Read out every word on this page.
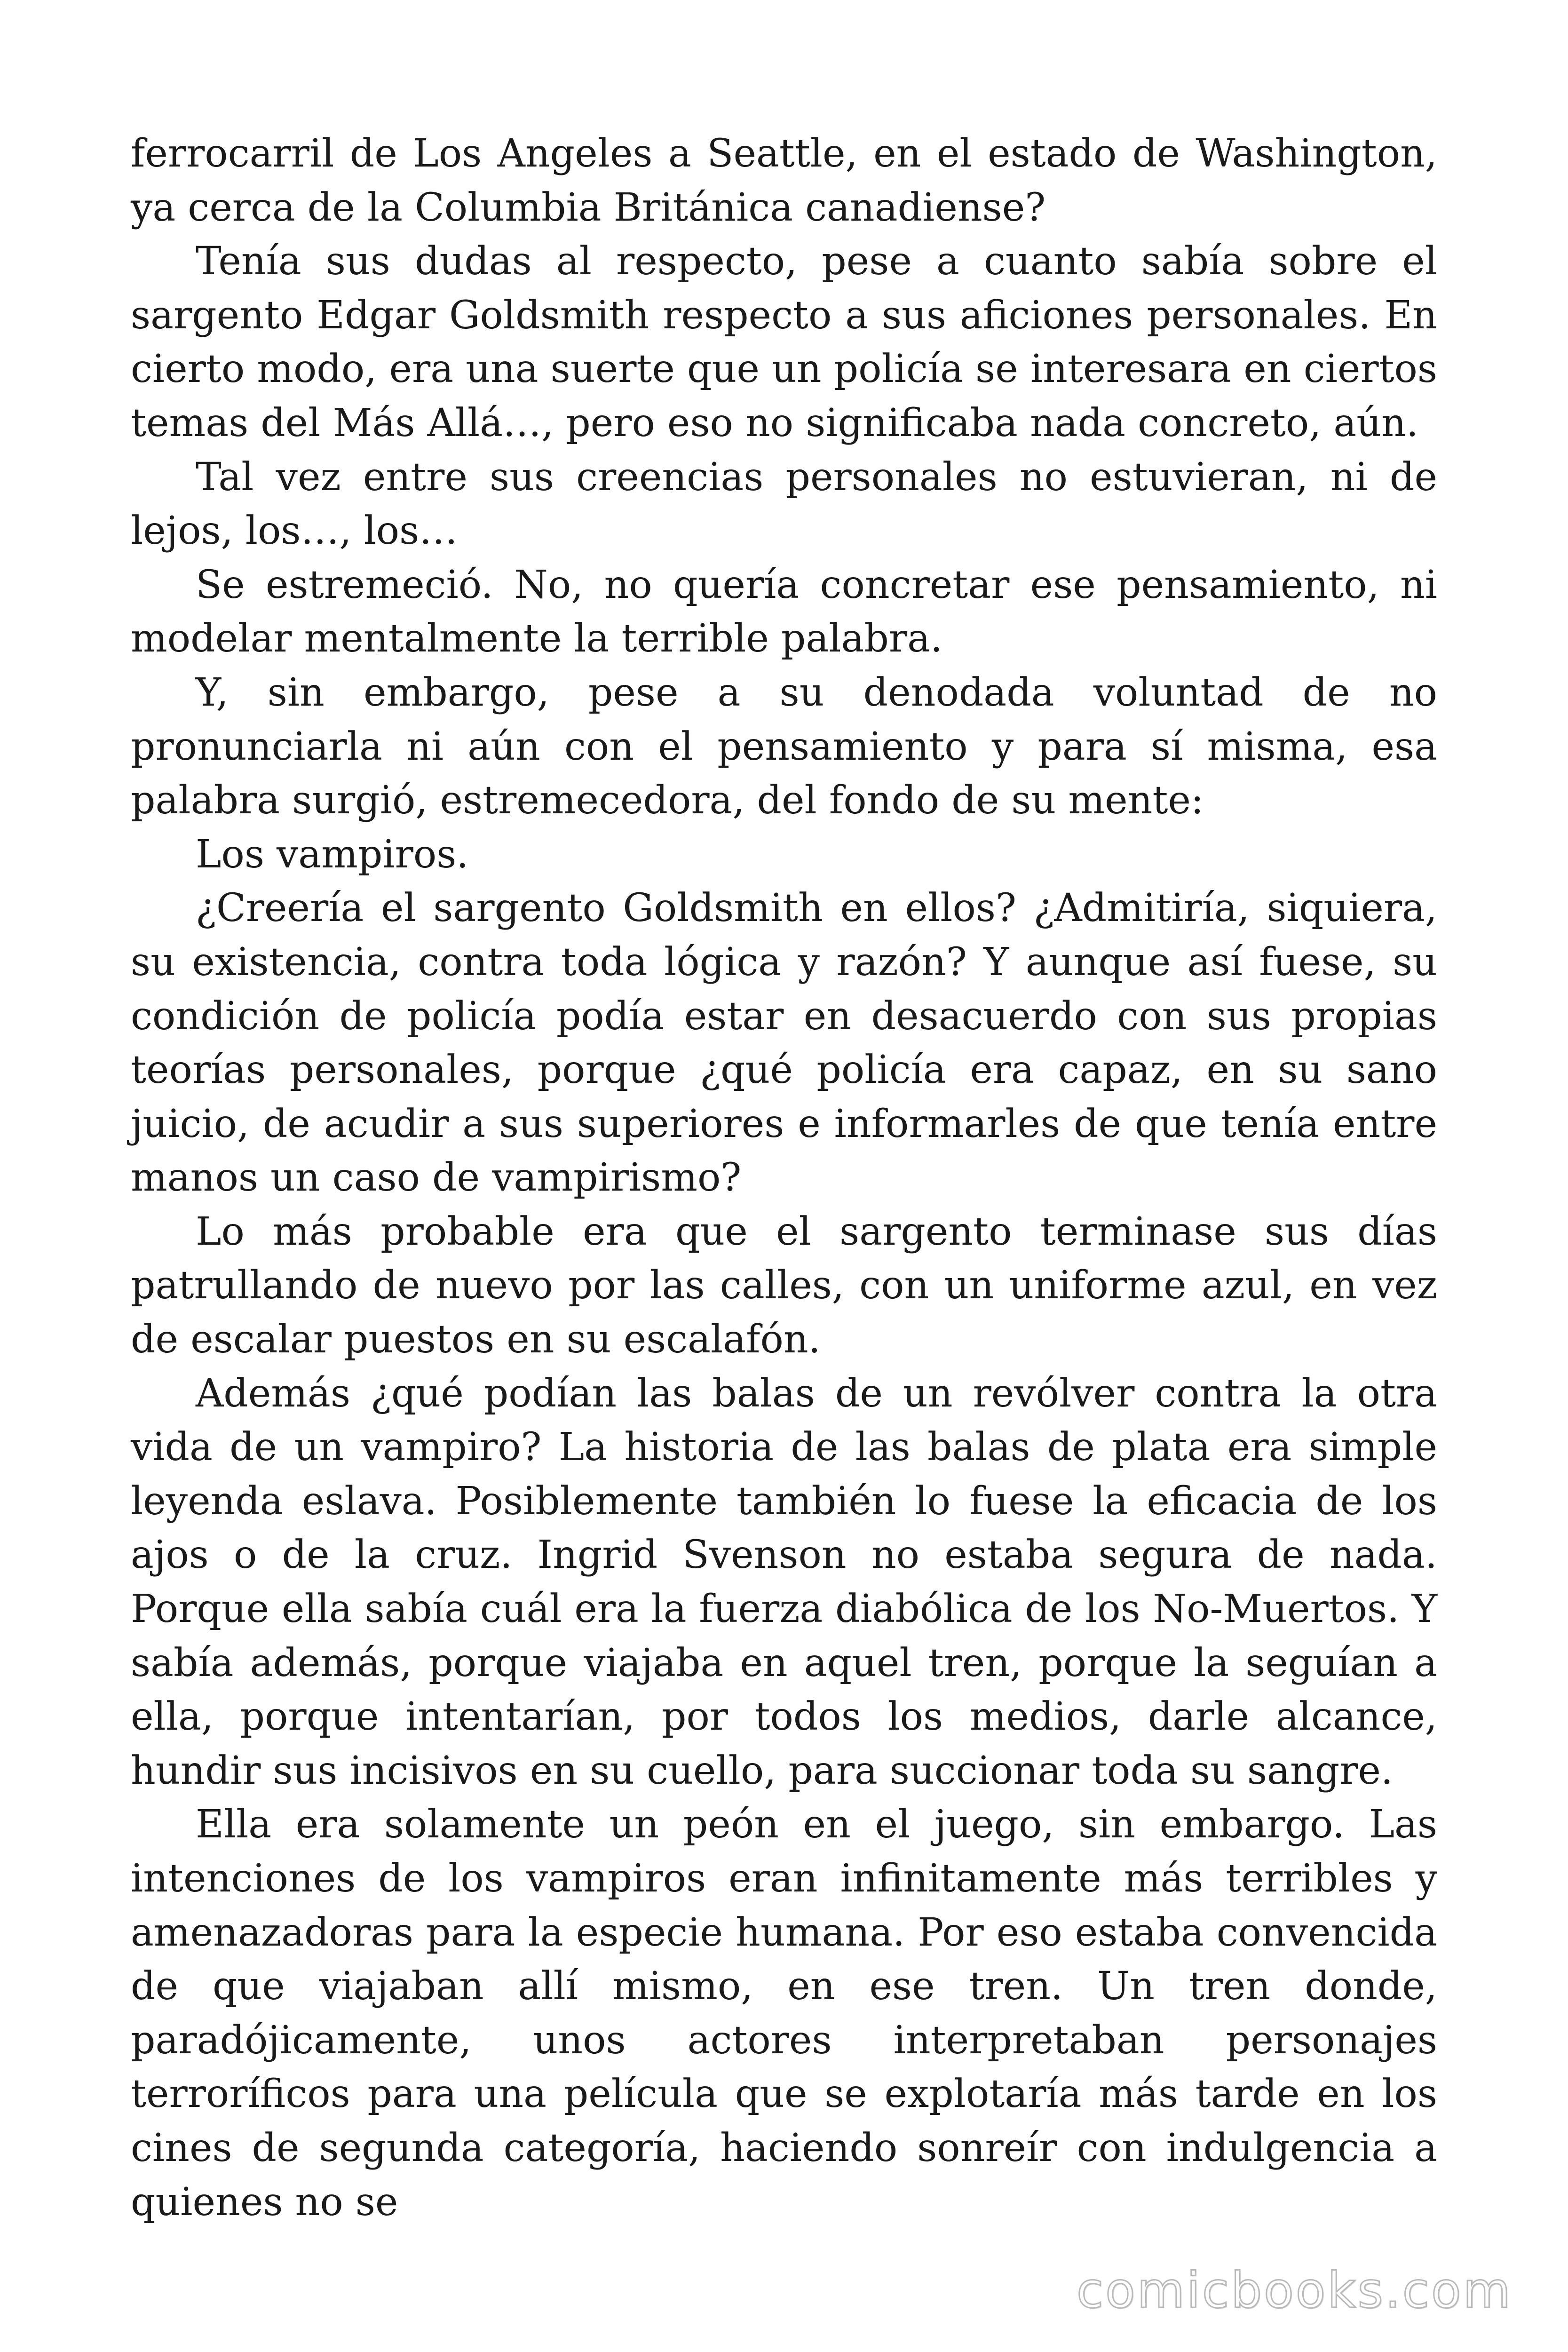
ferrocarril de Los Angeles a Seattle, en el estado de Washington, ya cerca de la Columbia Británica canadiense?

Tenía sus dudas al respecto, pese a cuanto sabía sobre el sargento Edgar Goldsmith respecto a sus aficiones personales. En cierto modo, era una suerte que un policía se interesara en ciertos temas del Más Allá…, pero eso no significaba nada concreto, aún.

Tal vez entre sus creencias personales no estuvieran, ni de lejos, los…, los…

Se estremeció. No, no quería concretar ese pensamiento, ni modelar mentalmente la terrible palabra.

Y, sin embargo, pese a su denodada voluntad de no pronunciarla ni aún con el pensamiento y para sí misma, esa palabra surgió, estremecedora, del fondo de su mente:

Los vampiros.

¿Creería el sargento Goldsmith en ellos? ¿Admitiría, siquiera, su existencia, contra toda lógica y razón? Y aunque así fuese, su condición de policía podía estar en desacuerdo con sus propias teorías personales, porque ¿qué policía era capaz, en su sano juicio, de acudir a sus superiores e informarles de que tenía entre manos un caso de vampirismo?

Lo más probable era que el sargento terminase sus días patrullando de nuevo por las calles, con un uniforme azul, en vez de escalar puestos en su escalafón.

Además ¿qué podían las balas de un revólver contra la otra vida de un vampiro? La historia de las balas de plata era simple leyenda eslava. Posiblemente también lo fuese la eficacia de los ajos o de la cruz. Ingrid Svenson no estaba segura de nada. Porque ella sabía cuál era la fuerza diabólica de los No-Muertos. Y sabía además, porque viajaba en aquel tren, porque la seguían a ella, porque intentarían, por todos los medios, darle alcance, hundir sus incisivos en su cuello, para succionar toda su sangre.

Ella era solamente un peón en el juego, sin embargo. Las intenciones de los vampiros eran infinitamente más terribles y amenazadoras para la especie humana. Por eso estaba convencida de que viajaban allí mismo, en ese tren. Un tren donde, paradójicamente, unos actores interpretaban personajes terroríficos para una película que se explotaría más tarde en los cines de segunda categoría, haciendo sonreír con indulgencia a quienes no se

comicbooks.com
